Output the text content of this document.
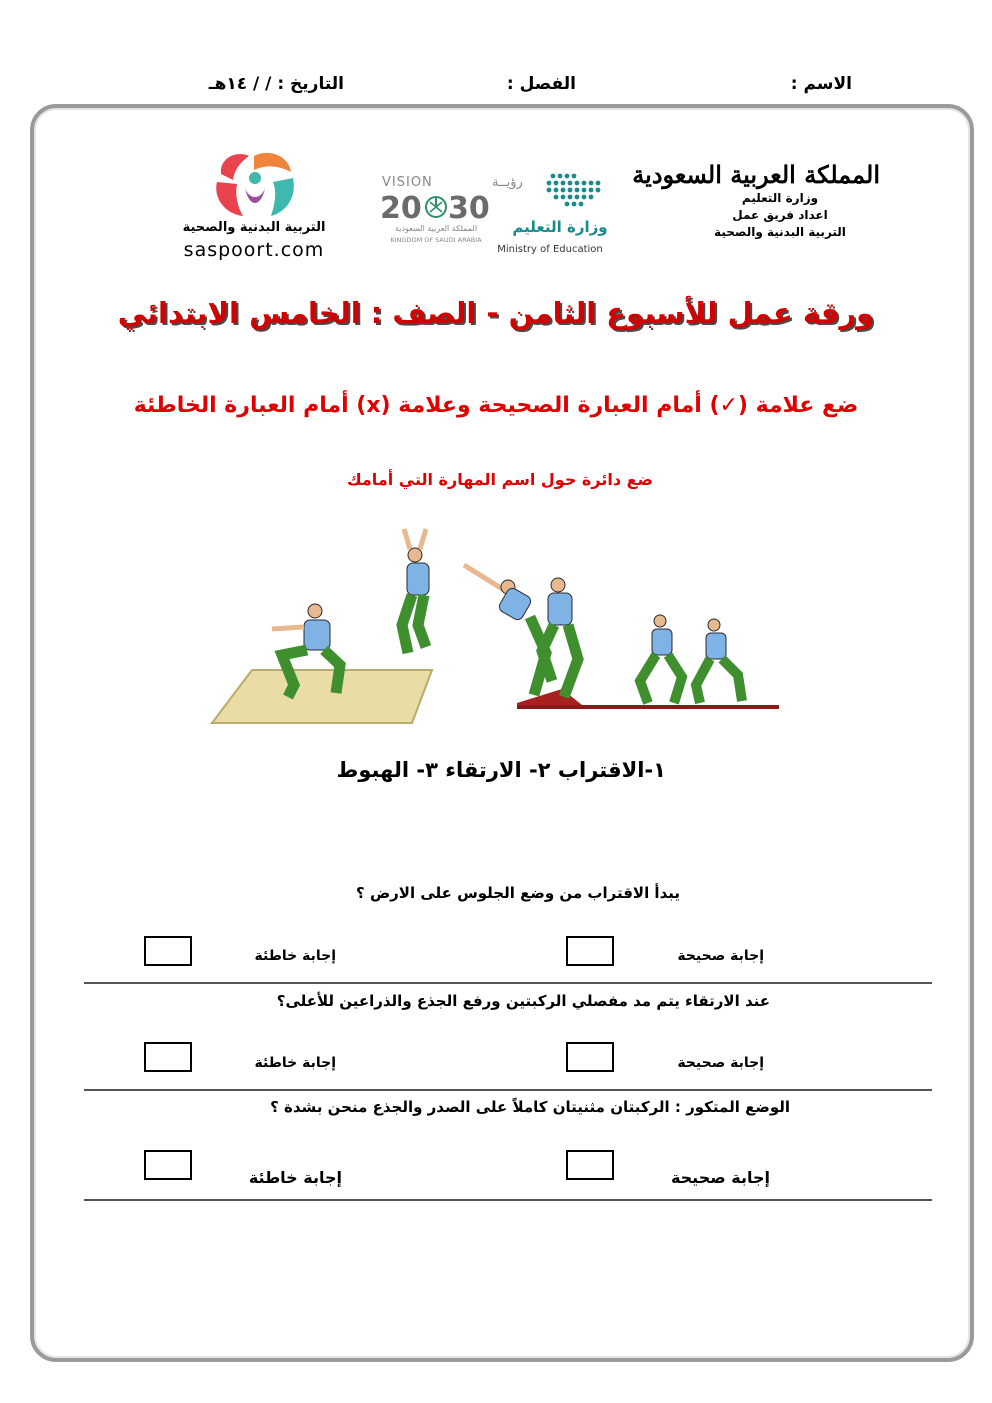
الاسم :
الفصل :
التاريخ : / / ١٤هـ
المملكة العربية السعودية
وزارة التعليم
اعداد فريق عمل
التربية البدنية والصحية
وزارة التعليم
Ministry of Education
VISION	رؤيــة
20 30
المملكة العربية السعودية
KINGDOM OF SAUDI ARABIA
التربية البدنية والصحية
saspoort.com
ورقة عمل للأسبوع الثامن - الصف : الخامس الابتدائي
ضع علامة (✓) أمام العبارة الصحيحة وعلامة (x) أمام العبارة الخاطئة
ضع دائرة حول اسم المهارة التي أمامك
١-الاقتراب ٢- الارتقاء ٣- الهبوط
يبدأ الاقتراب من وضع الجلوس على الارض ؟
إجابة صحيحة
إجابة خاطئة
عند الارتقاء يتم مد مفصلي الركبتين ورفع الجذع والذراعين للأعلى؟
إجابة صحيحة
إجابة خاطئة
الوضع المتكور : الركبتان مثنيتان كاملاً على الصدر والجذع منحن بشدة ؟
إجابة صحيحة
إجابة خاطئة
